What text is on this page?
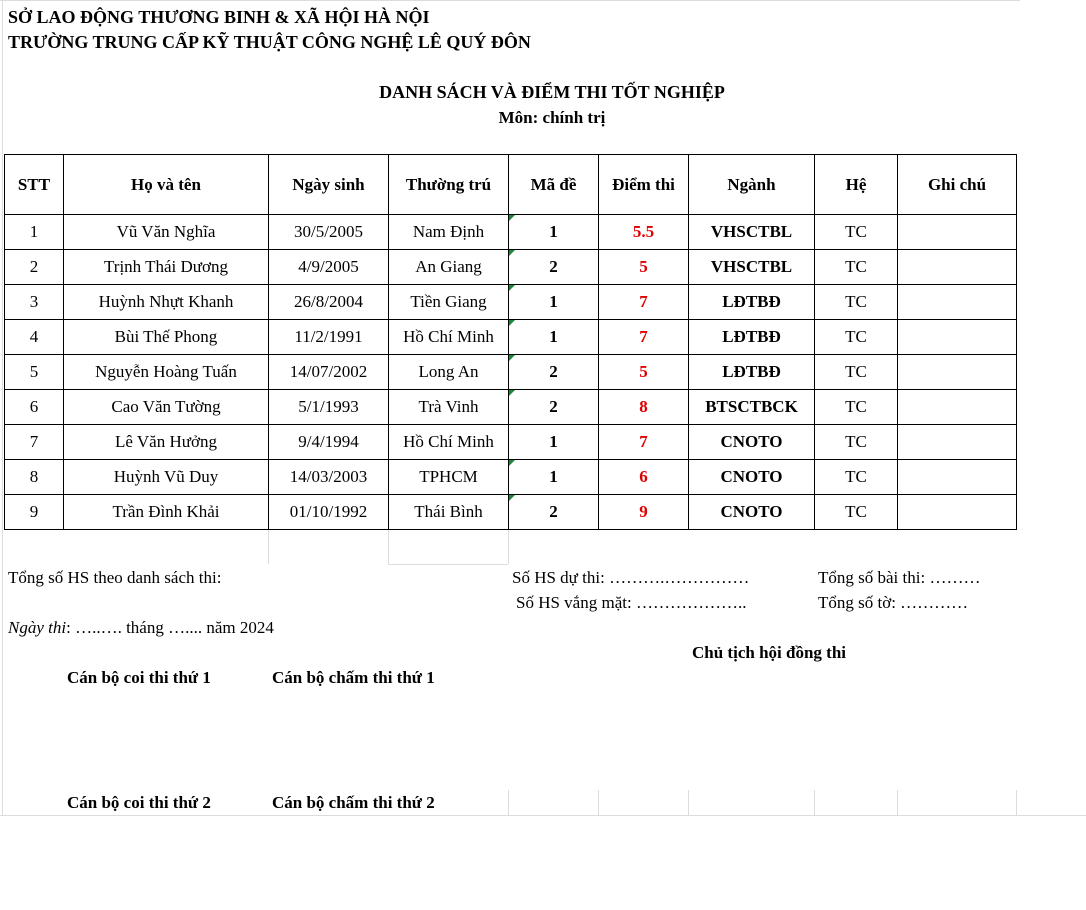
SỞ LAO ĐỘNG THƯƠNG BINH & XÃ HỘI HÀ NỘI
TRƯỜNG TRUNG CẤP KỸ THUẬT CÔNG NGHỆ LÊ QUÝ ĐÔN
DANH SÁCH VÀ ĐIỂM THI TỐT NGHIỆP
Môn: chính trị
STT	Họ và tên	Ngày sinh	Thường trú	Mã đề	Điểm thi	Ngành	Hệ	Ghi chú
1	Vũ Văn Nghĩa	30/5/2005	Nam Định	1	5.5	VHSCTBL	TC	
2	Trịnh Thái Dương	4/9/2005	An Giang	2	5	VHSCTBL	TC	
3	Huỳnh Nhựt Khanh	26/8/2004	Tiền Giang	1	7	LĐTBĐ	TC	
4	Bùi Thế Phong	11/2/1991	Hồ Chí Minh	1	7	LĐTBĐ	TC	
5	Nguyễn Hoàng Tuấn	14/07/2002	Long An	2	5	LĐTBĐ	TC	
6	Cao Văn Tường	5/1/1993	Trà Vinh	2	8	BTSCTBCK	TC	
7	Lê Văn Hưởng	9/4/1994	Hồ Chí Minh	1	7	CNOTO	TC	
8	Huỳnh Vũ Duy	14/03/2003	TPHCM	1	6	CNOTO	TC	
9	Trần Đình Khải	01/10/1992	Thái Bình	2	9	CNOTO	TC	
Tổng số HS theo danh sách thi:	Số HS dự thi: ……….……………	Tổng số bài thi: ………
Số HS vắng mặt: ………………..	Tổng số tờ: …………
Ngày thi: …..…. tháng ….... năm 2024
Chủ tịch hội đồng thi
Cán bộ coi thi thứ 1	Cán bộ chấm thi thứ 1
Cán bộ coi thi thứ 2	Cán bộ chấm thi thứ 2
